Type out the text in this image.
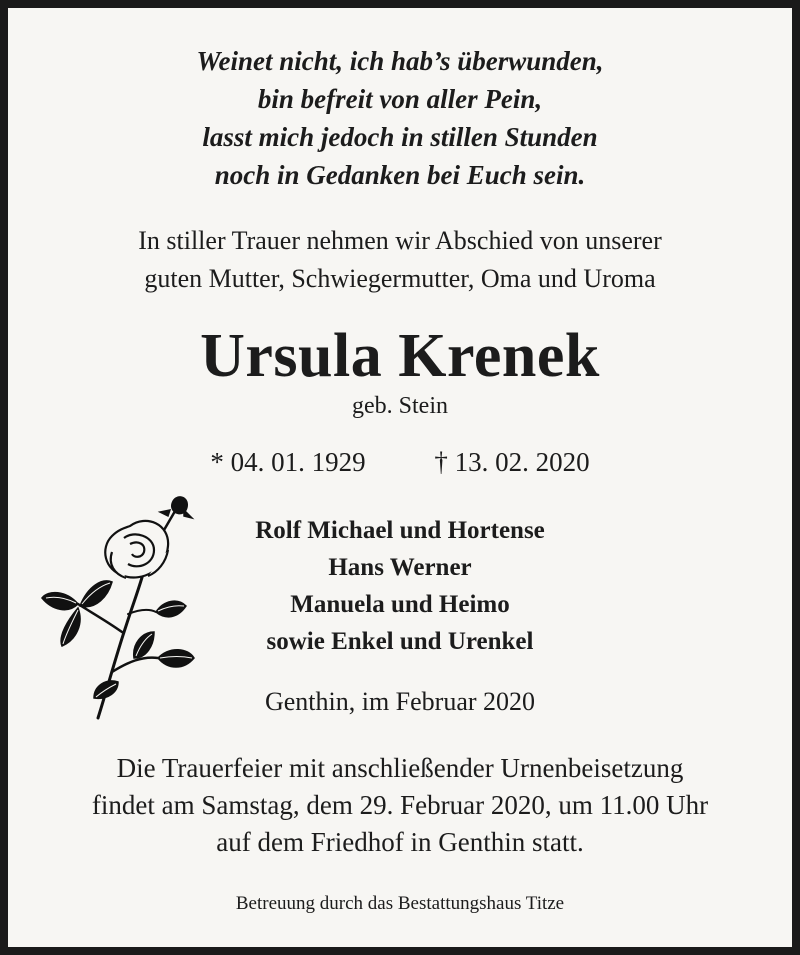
Weinet nicht, ich hab’s überwunden,
bin befreit von aller Pein,
lasst mich jedoch in stillen Stunden
noch in Gedanken bei Euch sein.
In stiller Trauer nehmen wir Abschied von unserer
guten Mutter, Schwiegermutter, Oma und Uroma
Ursula Krenek
geb. Stein
* 04. 01. 1929	† 13. 02. 2020
Rolf Michael und Hortense
Hans Werner
Manuela und Heimo
sowie Enkel und Urenkel
Genthin, im Februar 2020
Die Trauerfeier mit anschließender Urnenbeisetzung
findet am Samstag, dem 29. Februar 2020, um 11.00 Uhr
auf dem Friedhof in Genthin statt.
Betreuung durch das Bestattungshaus Titze
